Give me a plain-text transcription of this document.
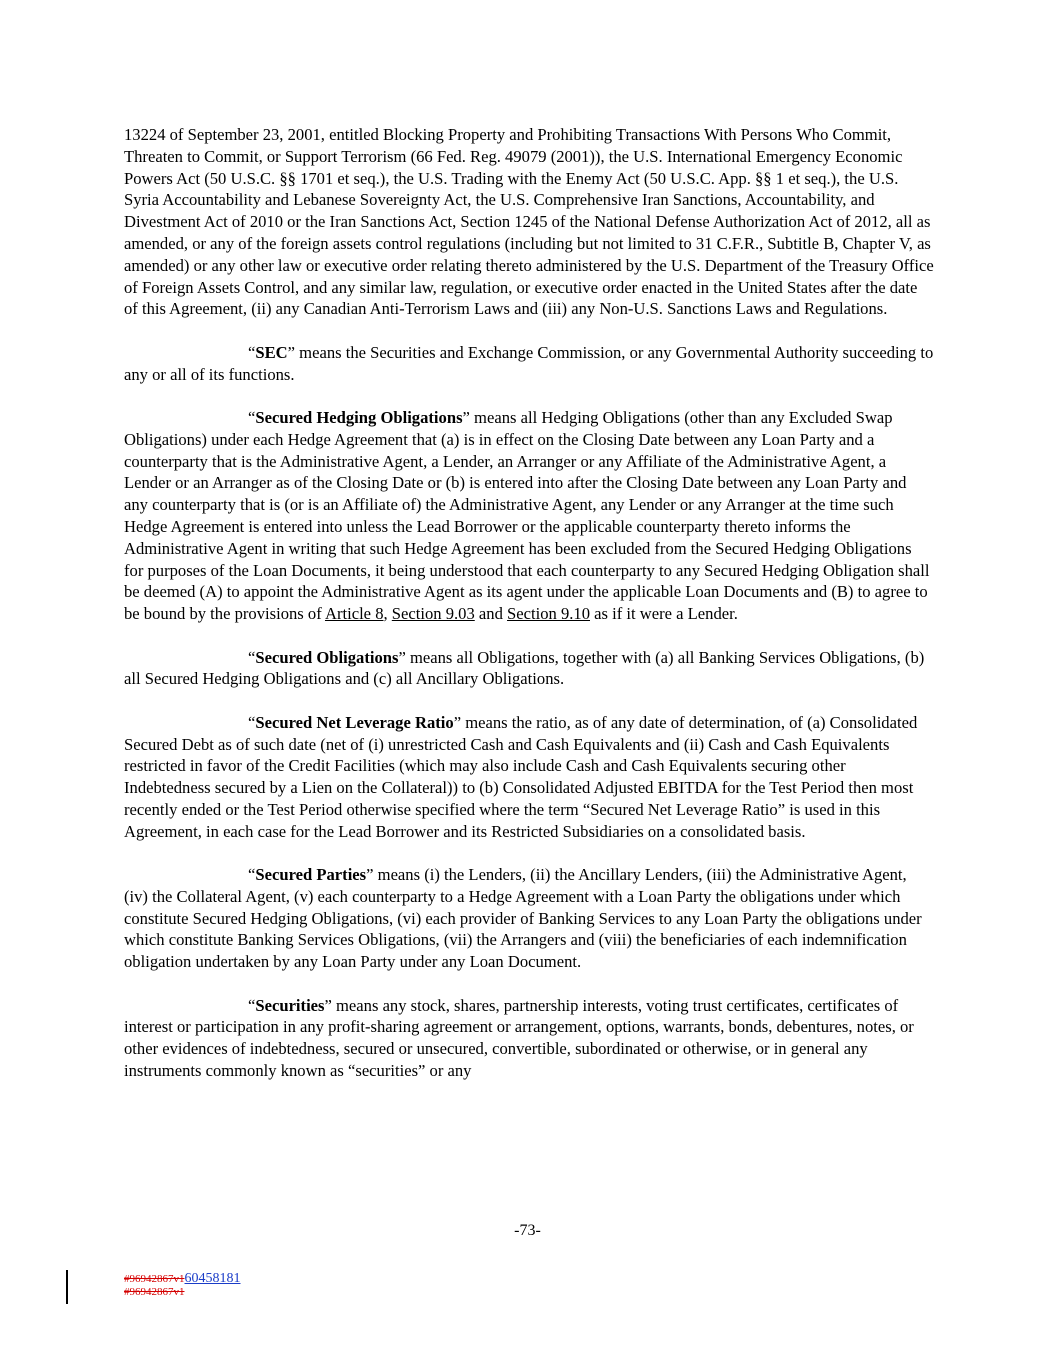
13224 of September 23, 2001, entitled Blocking Property and Prohibiting Transactions With Persons Who Commit, Threaten to Commit, or Support Terrorism (66 Fed. Reg. 49079 (2001)), the U.S. International Emergency Economic Powers Act (50 U.S.C. §§ 1701 et seq.), the U.S. Trading with the Enemy Act (50 U.S.C. App. §§ 1 et seq.), the U.S. Syria Accountability and Lebanese Sovereignty Act, the U.S. Comprehensive Iran Sanctions, Accountability, and Divestment Act of 2010 or the Iran Sanctions Act, Section 1245 of the National Defense Authorization Act of 2012, all as amended, or any of the foreign assets control regulations (including but not limited to 31 C.F.R., Subtitle B, Chapter V, as amended) or any other law or executive order relating thereto administered by the U.S. Department of the Treasury Office of Foreign Assets Control, and any similar law, regulation, or executive order enacted in the United States after the date of this Agreement, (ii) any Canadian Anti-Terrorism Laws and (iii) any Non-U.S. Sanctions Laws and Regulations.

“SEC” means the Securities and Exchange Commission, or any Governmental Authority succeeding to any or all of its functions.

“Secured Hedging Obligations” means all Hedging Obligations (other than any Excluded Swap Obligations) under each Hedge Agreement that (a) is in effect on the Closing Date between any Loan Party and a counterparty that is the Administrative Agent, a Lender, an Arranger or any Affiliate of the Administrative Agent, a Lender or an Arranger as of the Closing Date or (b) is entered into after the Closing Date between any Loan Party and any counterparty that is (or is an Affiliate of) the Administrative Agent, any Lender or any Arranger at the time such Hedge Agreement is entered into unless the Lead Borrower or the applicable counterparty thereto informs the Administrative Agent in writing that such Hedge Agreement has been excluded from the Secured Hedging Obligations for purposes of the Loan Documents, it being understood that each counterparty to any Secured Hedging Obligation shall be deemed (A) to appoint the Administrative Agent as its agent under the applicable Loan Documents and (B) to agree to be bound by the provisions of Article 8, Section 9.03 and Section 9.10 as if it were a Lender.

“Secured Obligations” means all Obligations, together with (a) all Banking Services Obligations, (b) all Secured Hedging Obligations and (c) all Ancillary Obligations.

“Secured Net Leverage Ratio” means the ratio, as of any date of determination, of (a) Consolidated Secured Debt as of such date (net of (i) unrestricted Cash and Cash Equivalents and (ii) Cash and Cash Equivalents restricted in favor of the Credit Facilities (which may also include Cash and Cash Equivalents securing other Indebtedness secured by a Lien on the Collateral)) to (b) Consolidated Adjusted EBITDA for the Test Period then most recently ended or the Test Period otherwise specified where the term “Secured Net Leverage Ratio” is used in this Agreement, in each case for the Lead Borrower and its Restricted Subsidiaries on a consolidated basis.

“Secured Parties” means (i) the Lenders, (ii) the Ancillary Lenders, (iii) the Administrative Agent, (iv) the Collateral Agent, (v) each counterparty to a Hedge Agreement with a Loan Party the obligations under which constitute Secured Hedging Obligations, (vi) each provider of Banking Services to any Loan Party the obligations under which constitute Banking Services Obligations, (vii) the Arrangers and (viii) the beneficiaries of each indemnification obligation undertaken by any Loan Party under any Loan Document.

“Securities” means any stock, shares, partnership interests, voting trust certificates, certificates of interest or participation in any profit-sharing agreement or arrangement, options, warrants, bonds, debentures, notes, or other evidences of indebtedness, secured or unsecured, convertible, subordinated or otherwise, or in general any instruments commonly known as “securities” or any

-73-
#96942867v160458181
#96942867v1
